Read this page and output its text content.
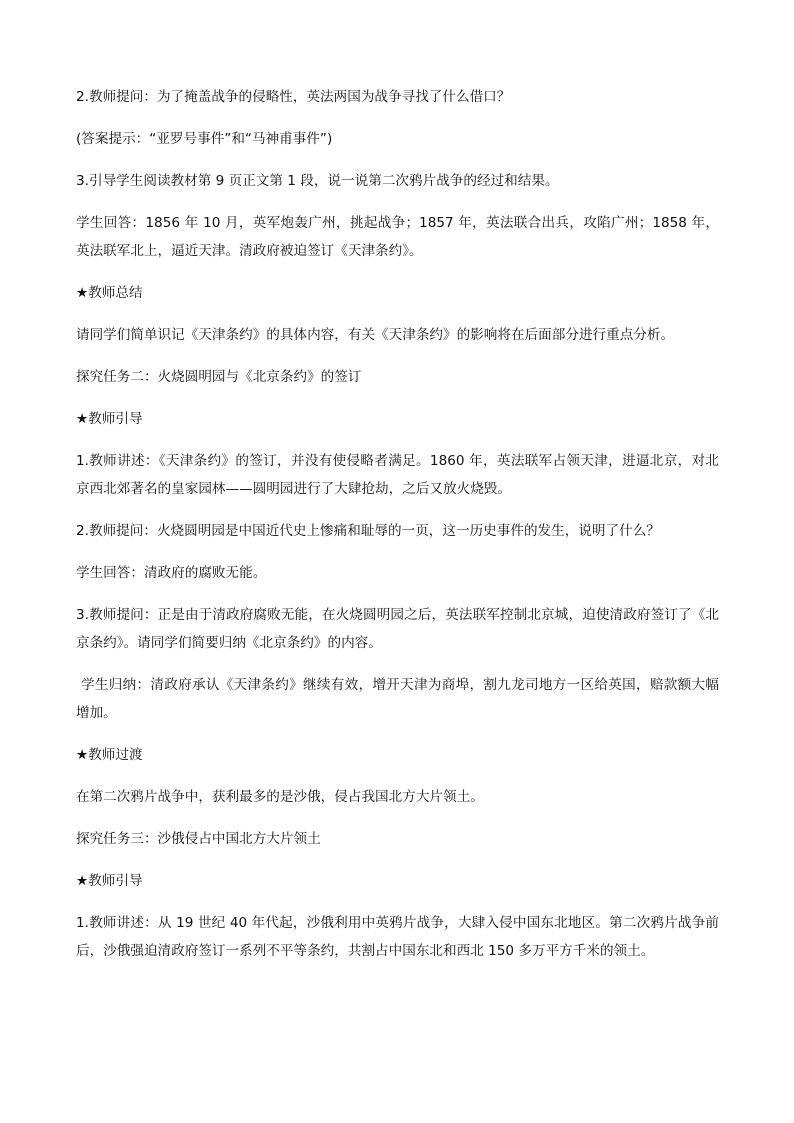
2.教师提问：为了掩盖战争的侵略性，英法两国为战争寻找了什么借口？

(答案提示：“亚罗号事件”和“马神甫事件”)

3.引导学生阅读教材第 9 页正文第 1 段，说一说第二次鸦片战争的经过和结果。

学生回答：1856 年 10 月，英军炮轰广州，挑起战争；1857 年，英法联合出兵，攻陷广州；1858 年，英法联军北上，逼近天津。清政府被迫签订《天津条约》。

★教师总结

请同学们简单识记《天津条约》的具体内容，有关《天津条约》的影响将在后面部分进行重点分析。

探究任务二：火烧圆明园与《北京条约》的签订

★教师引导

1.教师讲述：《天津条约》的签订，并没有使侵略者满足。1860 年，英法联军占领天津，进逼北京，对北京西北郊著名的皇家园林——圆明园进行了大肆抢劫，之后又放火烧毁。

2.教师提问：火烧圆明园是中国近代史上惨痛和耻辱的一页，这一历史事件的发生，说明了什么？

学生回答：清政府的腐败无能。

3.教师提问：正是由于清政府腐败无能，在火烧圆明园之后，英法联军控制北京城，迫使清政府签订了《北京条约》。请同学们简要归纳《北京条约》的内容。

学生归纳：清政府承认《天津条约》继续有效，增开天津为商埠，割九龙司地方一区给英国，赔款额大幅增加。

★教师过渡

在第二次鸦片战争中，获利最多的是沙俄，侵占我国北方大片领土。

探究任务三：沙俄侵占中国北方大片领土

★教师引导

1.教师讲述：从 19 世纪 40 年代起，沙俄利用中英鸦片战争，大肆入侵中国东北地区。第二次鸦片战争前后，沙俄强迫清政府签订一系列不平等条约，共割占中国东北和西北 150 多万平方千米的领土。
